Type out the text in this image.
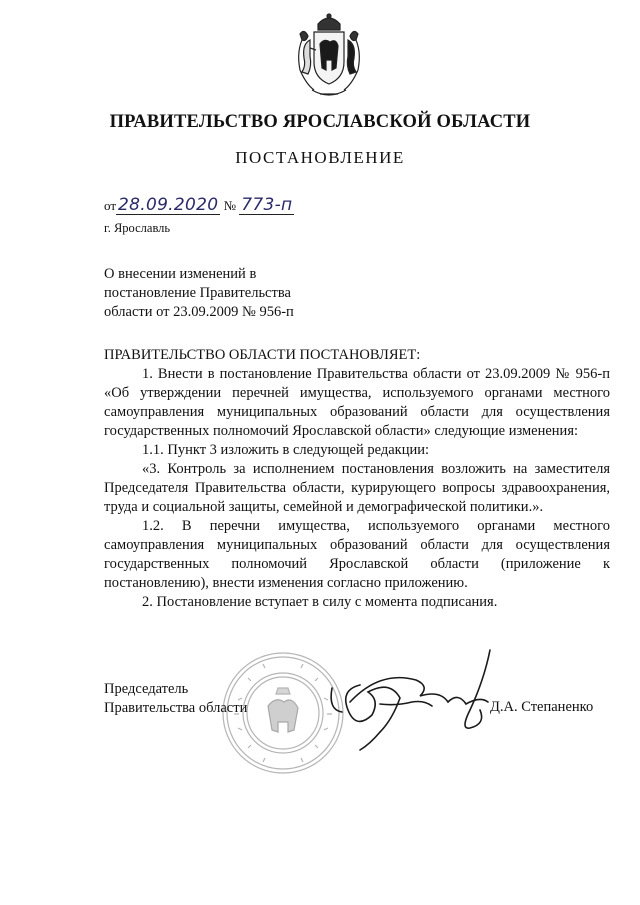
ПРАВИТЕЛЬСТВО ЯРОСЛАВСКОЙ ОБЛАСТИ
ПОСТАНОВЛЕНИЕ
от 28.09.2020 № 773-п
г. Ярославль
О внесении изменений в
постановление Правительства
области от 23.09.2009 № 956-п
ПРАВИТЕЛЬСТВО ОБЛАСТИ ПОСТАНОВЛЯЕТ:
1. Внести в постановление Правительства области от 23.09.2009 № 956-п «Об утверждении перечней имущества, используемого органами местного самоуправления муниципальных образований области для осуществления государственных полномочий Ярославской области» следующие изменения:
1.1. Пункт 3 изложить в следующей редакции:
«3. Контроль за исполнением постановления возложить на заместителя Председателя Правительства области, курирующего вопросы здравоохранения, труда и социальной защиты, семейной и демографической политики.».
1.2. В перечни имущества, используемого органами местного самоуправления муниципальных образований области для осуществления государственных полномочий Ярославской области (приложение к постановлению), внести изменения согласно приложению.
2. Постановление вступает в силу с момента подписания.
Председатель
Правительства области	Д.А. Степаненко
